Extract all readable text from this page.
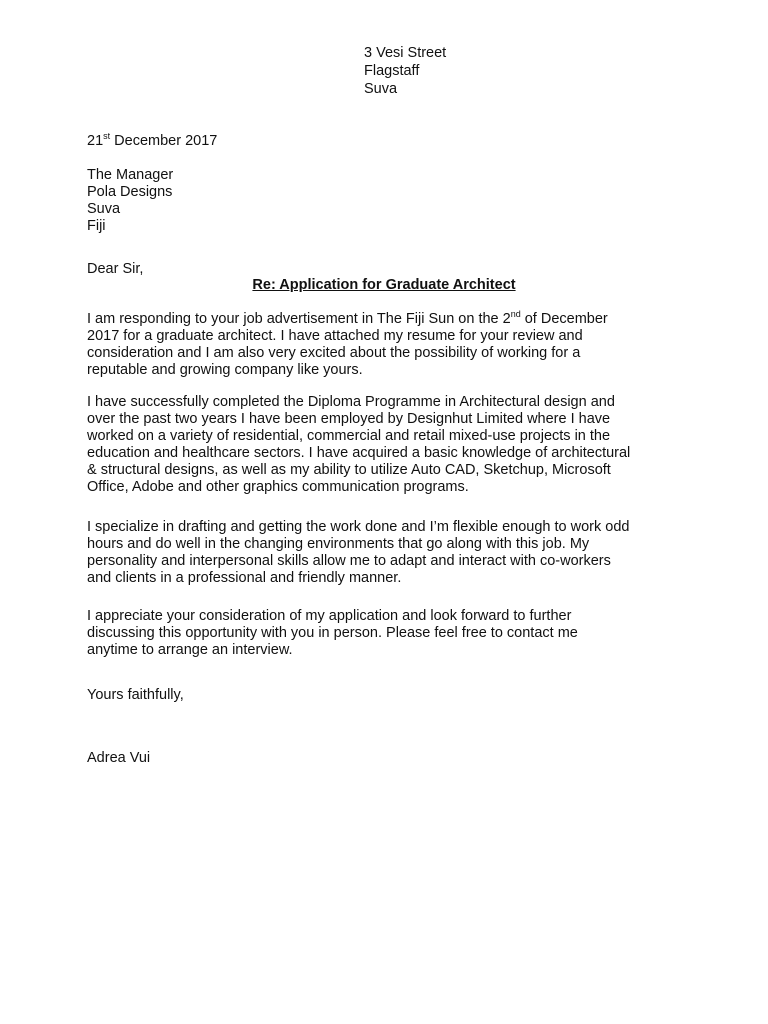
3 Vesi Street
Flagstaff
Suva
21st December 2017
The Manager
Pola Designs
Suva
Fiji
Dear Sir,
Re: Application for Graduate Architect
I am responding to your job advertisement in The Fiji Sun on the 2nd of December
2017 for a graduate architect. I have attached my resume for your review and
consideration and I am also very excited about the possibility of working for a
reputable and growing company like yours.
I have successfully completed the Diploma Programme in Architectural design and
over the past two years I have been employed by Designhut Limited where I have
worked on a variety of residential, commercial and retail mixed-use projects in the
education and healthcare sectors. I have acquired a basic knowledge of architectural
& structural designs, as well as my ability to utilize Auto CAD, Sketchup, Microsoft
Office, Adobe and other graphics communication programs.
I specialize in drafting and getting the work done and I’m flexible enough to work odd
hours and do well in the changing environments that go along with this job. My
personality and interpersonal skills allow me to adapt and interact with co-workers
and clients in a professional and friendly manner.
I appreciate your consideration of my application and look forward to further
discussing this opportunity with you in person. Please feel free to contact me
anytime to arrange an interview.
Yours faithfully,
Adrea Vui
